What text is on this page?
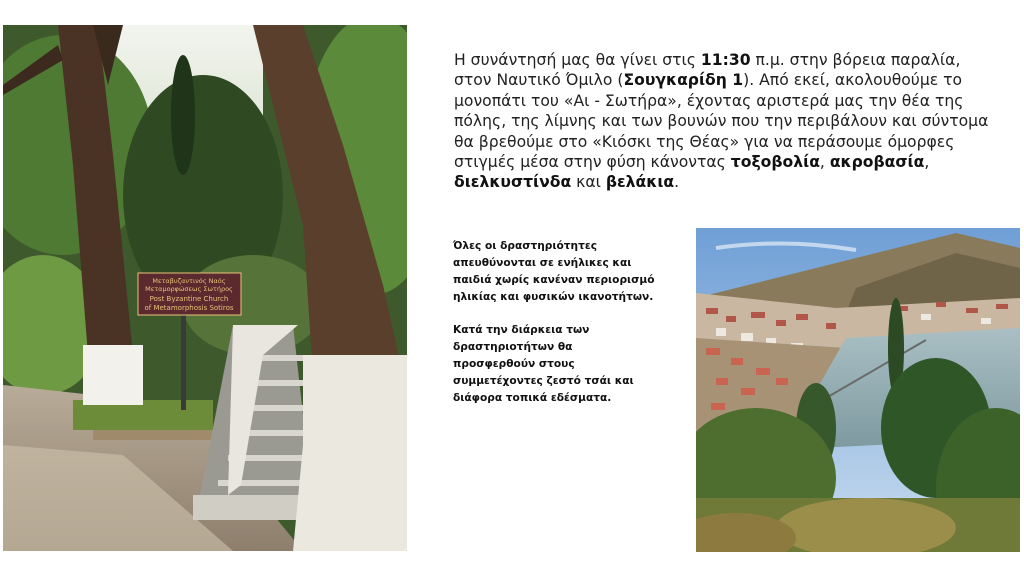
Μεταβυζαντινός Ναός
Μεταμορφώσεως Σωτήρος
Post Byzantine Church
of Metamorphosis Sotiros

Η συνάντησή μας θα γίνει στις 11:30 π.μ. στην βόρεια παραλία, στον Ναυτικό Όμιλο (Σουγκαρίδη 1). Από εκεί, ακολουθούμε το μονοπάτι του «Αι - Σωτήρα», έχοντας αριστερά μας την θέα της πόλης, της λίμνης και των βουνών που την περιβάλουν και σύντομα θα βρεθούμε στο «Κιόσκι της Θέας» για να περάσουμε όμορφες στιγμές μέσα στην φύση κάνοντας τοξοβολία, ακροβασία, διελκυστίνδα και βελάκια.

Όλες οι δραστηριότητες απευθύνονται σε ενήλικες και παιδιά χωρίς κανέναν περιορισμό ηλικίας και φυσικών ικανοτήτων.

Κατά την διάρκεια των δραστηριοτήτων θα προσφερθούν στους συμμετέχοντες ζεστό τσάι και διάφορα τοπικά εδέσματα.
